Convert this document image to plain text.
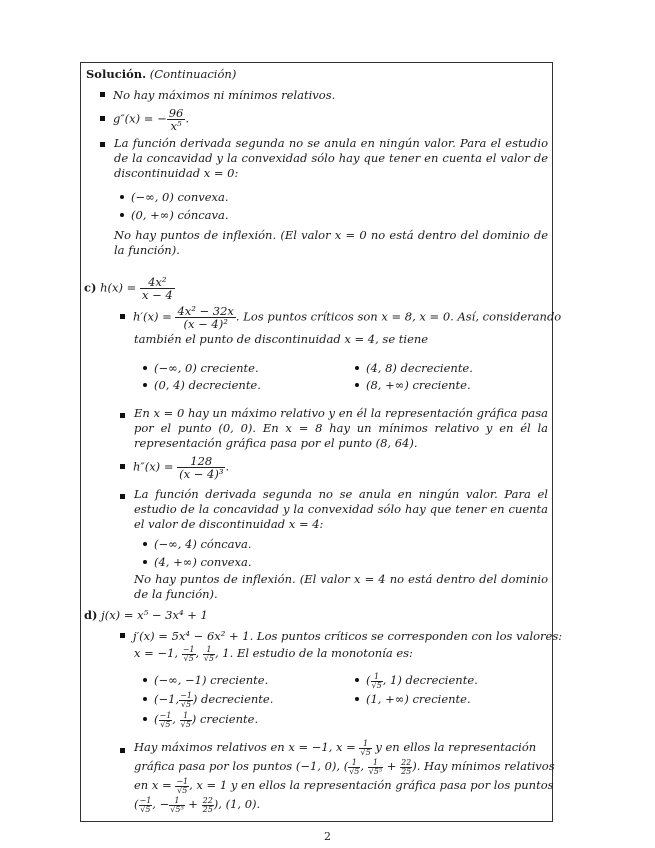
Solución. (Continuación)
No hay máximos ni mínimos relativos.
g″(x) = − $\frac{96}{\text{x⁵}}$ .
La función derivada segunda no se anula en ningún valor. Para el estudio de la concavidad y la convexidad sólo hay que tener en cuenta el valor de discontinuidad x = 0:
(−∞, 0) convexa.
(0, +∞) cóncava.
No hay puntos de inflexión. (El valor x = 0 no está dentro del dominio de la función).
c) $h(x) = \frac{\text{4x²}}{x - 4}$
$h'(x) = \frac{\text{4x² − 32x}}{\text{(x − 4)²}}$ . Los puntos críticos son x = 8, x = 0. Así, considerando
también el punto de discontinuidad x = 4, se tiene
(−∞, 0) creciente.
(0, 4) decreciente.
(4, 8) decreciente.
(8, +∞) creciente.
En x = 0 hay un máximo relativo y en él la representación gráfica pasa por el punto (0, 0). En x = 8 hay un mínimos relativo y en él la representación gráfica pasa por el punto (8, 64).
$h''(x) = \frac{128}{\text{(x − 4)³}}$ .
La función derivada segunda no se anula en ningún valor. Para el estudio de la concavidad y la convexidad sólo hay que tener en cuenta el valor de discontinuidad x = 4:
(−∞, 4) cóncava.
(4, +∞) convexa.
No hay puntos de inflexión. (El valor x = 4 no está dentro del dominio de la función).
d) j(x) = x⁵ − 3x⁴ + 1
j′(x) = 5x⁴ − 6x² + 1. Los puntos críticos se corresponden con los valores:
x = −1, $\frac{-1}{√5}$ , $\frac{1}{√5}$ , 1. El estudio de la monotonía es:
(−∞, −1) creciente.
(−1, $\frac{-1}{√5}$ ) decreciente.
( $\frac{-1}{√5}$ , $\frac{1}{√5}$ ) creciente.
( $\frac{1}{√5}$ , 1) decreciente.
(1, +∞) creciente.
Hay máximos relativos en x = −1, $x = \frac{1}{√5}$ y en ellos la representación
gráfica pasa por los puntos (−1, 0), ( $\frac{1}{√5}$ , $\frac{1}{\text{√5⁵}} + \frac{22}{25}$ ). Hay mínimos relativos
en $x = \frac{-1}{√5}$ , x = 1 y en ellos la representación gráfica pasa por los puntos
( $\frac{-1}{√5}$ , − $\frac{1}{\text{√5⁵}} + \frac{22}{25}$ ), (1, 0).
2
